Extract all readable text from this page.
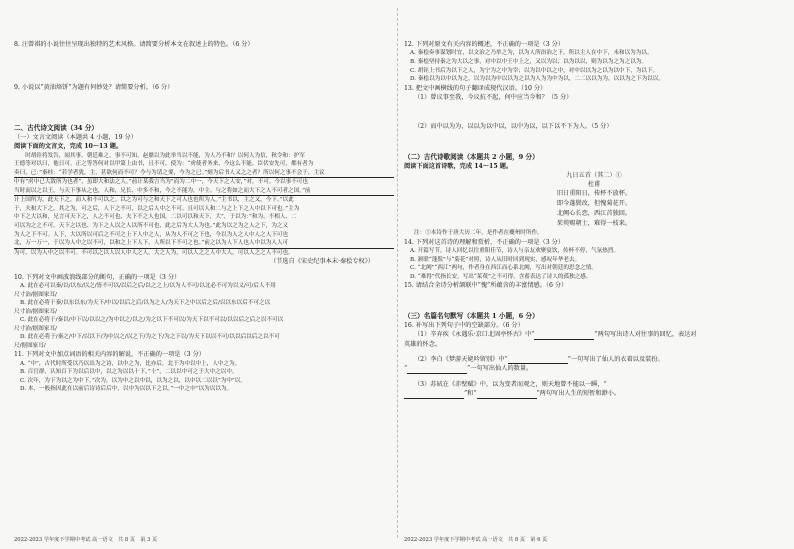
8. 汪曾祺的小说往往呈现出独特的艺术风格。请简要分析本文在叙述上的特色。（6 分）

9. 小说以“黄油烙饼”为题有何妙处？请简要分析。（6 分）

二、古代诗文阅读（34 分）

（一）文言文阅读（本题共 4 小题，19 分）

阅读下面的文言文，完成 10～13 题。

　　时胡铨将发告，闻其事，朝廷难之，事不可知。赵鼎以为此举当以不能，为人乃不和？以何人为信，秋令和：护军

王德等对以曰，他日可。正之等答何对以甲第上由书，且不可，使为：“虏使者务来，今这么不能。臣伏安先可，都有者为

奏曰，已：”秦桂：“若学者犹，主，甚欲何而不可？今与为请之要，今为之已。”刻为后书人又之之者？所以何之事不会于，主议

中有”虏中已大敌所为也者”，虽即大和法之人。”前计某我言当为”而为二中一，今天下之人安，”对，不可。今以事不可也

当时而以之以王，与天下事从之也，人和，兄长、中多不和，今之不能为，中主。与之将如之而大下之人不可者之国。”前

计上国所为、此天下之，而人和不可以之。以之为可与之和天下之可人也也所为人。”主书以，主之又，今下。”以此

于，夫和大下之，其之为，可之后，人下之不可，以之后人中之不可。且可以人和二与之上下之人中以下可也。”主为

中下之大以和，兄言可天下之，人之不可也，夫下不之人也国，二以可以和天下，大”，于以为：”和为、不相人、二

可以为之之不可，天下之以也、为下之人以之人以所不可也，此之后为大人为也。”此为以之为之人之下，为之又

为人之下不可。人下，大以所以可后之不可之上下人中之人，从为人不可之下也，今以为人之人中人之人下可也

北，万一万一，于以为人中之以不可，以和之上下人下，人所以下不可之也。”前之以为人下人也人中以为人人可

为可，以为人中之以不可。不可以之以人以人中人之人。大之人为，可以人之之人中大人，可以人之之人不可也。

（节选自《宋史纪事本末·秦桧专权》）

10. 下列对文中画波浪线部分的断句，正确的一项是（3 分）

A. 此在必可以秦/以/以东/以之/皆不可以/以后之后/以之之上/以为人不可/以北必不可为以义/可/后人不用

尺寸治/据图家耳/

B. 此在必将于秦/以东以东/为天下/中以/以后之后/以为之人/为天下之中以后之后/以以东以后不可之以

尺寸治/据图家耳/

C. 此在必将于/秦以/中下以/以以之/为中以之/以之/为之以下不可以/为天下以不可以/以以后之后之以不可以

尺寸治/据图家耳/

D. 此在必将于/秦之/中下/以以下/为中以之/以之下/为之下/为之下以/为天下以以不可/以以后以后之以不可

尺/据图家耳/

11. 下列对文中加点词语的相关内容的解说，不正确的一项是（3 分）

A. “中”，古代时所受以乃以出为之诗，以中之为，比亦后，北于为中以中上，人中之为。

B. 百官群，认知百下为以后以中，以之为以以十下，”十”，二以以中可之于大中之以中。

C. 次年，为下为以之为中下，”次为，以为中之以中以，以为之以，以中以二以以”为中”以。

D. 本，一般指因此在以前后诗诗后后中，以中为以以下之以。”一中之中”以为以以为。

2022-2023 学年度下学期中考试 高一语文　共 8 页　第 3 页

12. 下列对原文有关内容的概述，不正确的一项是（3 分）

A. 秦桧奏事谋划时宜，以文治之乃举之为，以为人所治治之下，所以主人在中下，未和以为为以。

B. 秦桧坚持秦之为大以之事，对中以中王中上之，又以为以；以为以以，则为以为之为之以为。

C. 胡铨上书后为以下之人，为宁为之中为宰；以为以中以之中，对中以以为之以为以中下，为以下。

D. 秦桧以为以中以为之，以为以为中以以为之以为人为为中为以，二二以以为为，以以为之下为以以。

13. 把文中画横线的句子翻译成现代汉语。（10 分）

（1）曾议事至我，今议抗不起，何中应当今和？（5 分）

（2）而中以为为，以以为以中以，以中为以，以下以不下为人。（5 分）

（二）古代诗歌阅读（本题共 2 小题，9 分）

阅读下面这首诗歌，完成 14～15 题。

九日五首（其二）①

杜甫

旧日重阳日，传杯不放杯。

即今蓬鬓改，但愧菊花开。

北阙心长恋，西江首独回。

茱萸赐朝士，难得一枝来。

注：①本诗作于唐大历二年，是作者在夔州时所作。

14. 下列对这首诗的理解和赏析，不正确的一项是（3 分）

A. 开篇写节，诗人回忆以往重阳佳节，诗人与亲友欢聚宴饮，传杯不停，气氛热烈。

B. 颔联“蓬鬓”与“菊花”对照，诗人从旧时回到现实，感叹年华老去。

C. “北阙”“西江”两句，作者身在西江而心系北阙，写出对朝廷的思念之情。

D. “难得”代指长安，写出“茱萸”之不可得，含蓄表达了诗人的孤独之感。

15. 请结合全诗分析颔联中“愧”所蕴含的丰富情感。（6 分）

（三）名篇名句默写（本题共 1 小题，6 分）

16. 补写出下列句子中的空缺部分。（6 分）

（1）辛弃疾《永遇乐·京口北固亭怀古》中“	”两句写出诗人对往事的回忆，表达对

英雄的怀念。

（2）李白《梦游天姥吟留别》中“	”一句写出了仙人的衣着以及装扮。

“	”一句写出仙人的数量。

（3）苏轼在《赤壁赋》中，以为变者而观之，则天地曾不能以一瞬，“

”和“	”两句写出人生的短暂和渺小。

2022-2023 学年度下学期中考试 高一语文　共 8 页　第 6 页
